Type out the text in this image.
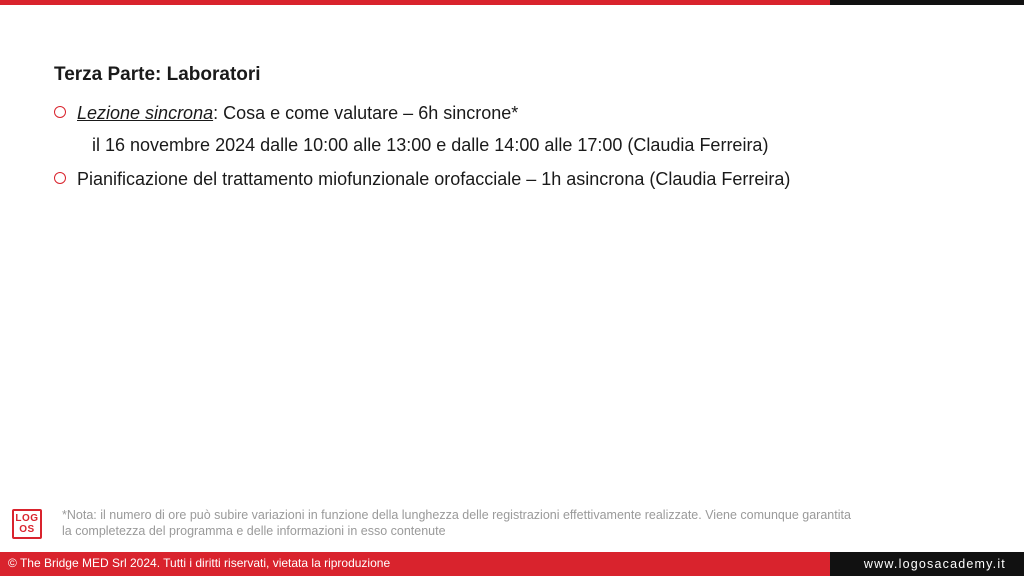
Terza Parte: Laboratori
Lezione sincrona: Cosa e come valutare – 6h sincrone*
il 16 novembre 2024 dalle 10:00 alle 13:00 e dalle 14:00 alle 17:00 (Claudia Ferreira)
Pianificazione del trattamento miofunzionale orofacciale – 1h asincrona (Claudia Ferreira)
LOG
OS
*Nota: il numero di ore può subire variazioni in funzione della lunghezza delle registrazioni effettivamente realizzate. Viene comunque garantita
la completezza del programma e delle informazioni in esso contenute
© The Bridge MED Srl 2024. Tutti i diritti riservati, vietata la riproduzione	www.logosacademy.it
